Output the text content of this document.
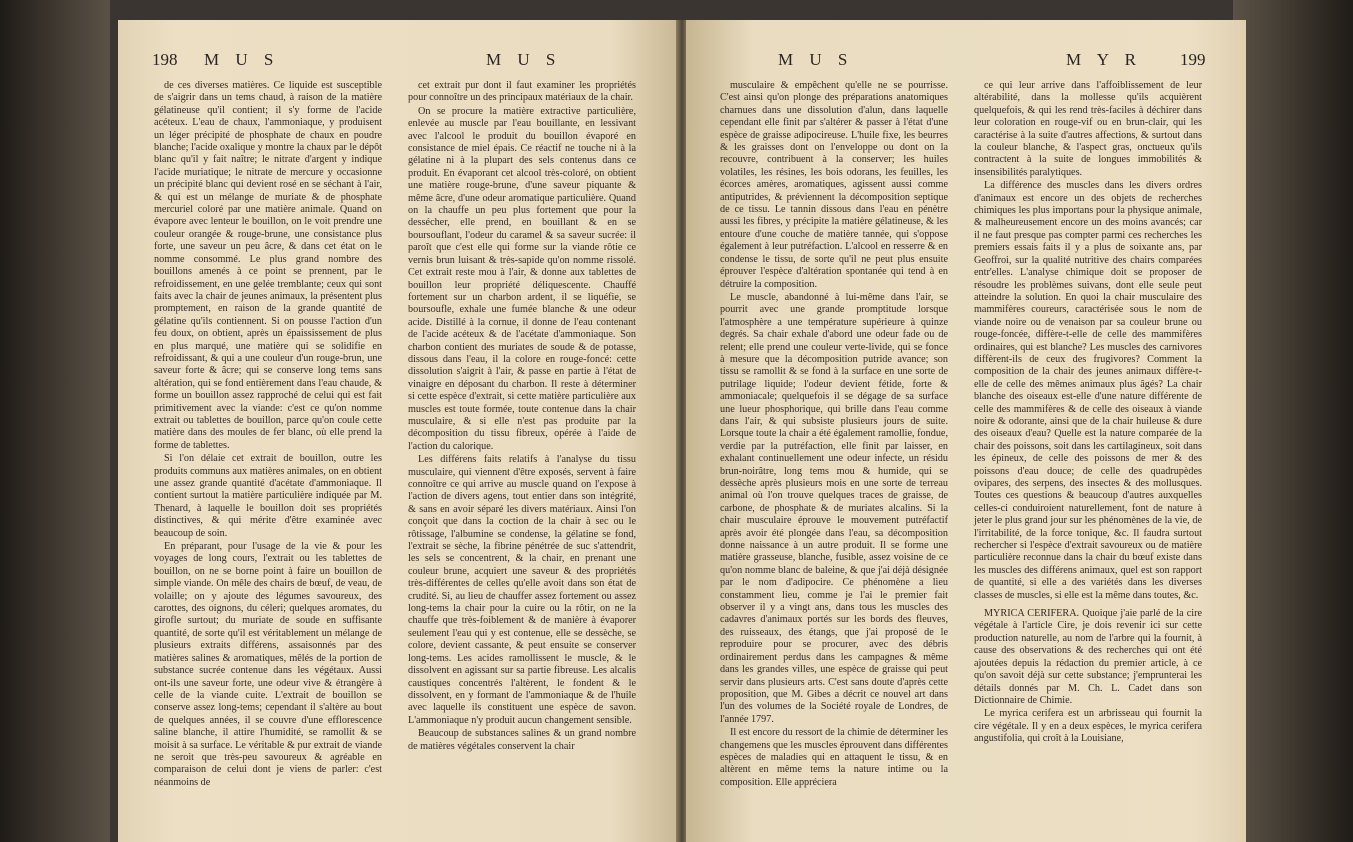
198 M U S	M U S

de ces diverses matières. Ce liquide est susceptible de s'aigrir dans un tems chaud, à raison de la matière gélatineuse qu'il contient; il s'y forme de l'acide acéteux. L'eau de chaux, l'ammoniaque, y produisent un léger précipité de phosphate de chaux en poudre blanche; l'acide oxalique y montre la chaux par le dépôt blanc qu'il y fait naître; le nitrate d'argent y indique l'acide muriatique; le nitrate de mercure y occasionne un précipité blanc qui devient rosé en se séchant à l'air, & qui est un mélange de muriate & de phosphate mercuriel coloré par une matière animale. Quand on évapore avec lenteur le bouillon, on le voit prendre une couleur orangée & rouge-brune, une consistance plus forte, une saveur un peu âcre, & dans cet état on le nomme consommé. Le plus grand nombre des bouillons amenés à ce point se prennent, par le refroidissement, en une gelée tremblante; ceux qui sont faits avec la chair de jeunes animaux, la présentent plus promptement, en raison de la grande quantité de gélatine qu'ils contiennent. Si on pousse l'action d'un feu doux, on obtient, après un épaississement de plus en plus marqué, une matière qui se solidifie en refroidissant, & qui a une couleur d'un rouge-brun, une saveur forte & âcre; qui se conserve long tems sans altération, qui se fond entièrement dans l'eau chaude, & forme un bouillon assez rapproché de celui qui est fait primitivement avec la viande: c'est ce qu'on nomme extrait ou tablettes de bouillon, parce qu'on coule cette matière dans des moules de fer blanc, où elle prend la forme de tablettes.

Si l'on délaie cet extrait de bouillon, outre les produits communs aux matières animales, on en obtient une assez grande quantité d'acétate d'ammoniaque. Il contient surtout la matière particulière indiquée par M. Thenard, à laquelle le bouillon doit ses propriétés distinctives, & qui mérite d'être examinée avec beaucoup de soin.

En préparant, pour l'usage de la vie & pour les voyages de long cours, l'extrait ou les tablettes de bouillon, on ne se borne point à faire un bouillon de simple viande. On mêle des chairs de bœuf, de veau, de volaille; on y ajoute des légumes savoureux, des carottes, des oignons, du céleri; quelques aromates, du girofle surtout; du muriate de soude en suffisante quantité, de sorte qu'il est véritablement un mélange de plusieurs extraits différens, assaisonnés par des matières salines & aromatiques, mêlés de la portion de substance sucrée contenue dans les végétaux. Aussi ont-ils une saveur forte, une odeur vive & étrangère à celle de la viande cuite. L'extrait de bouillon se conserve assez long-tems; cependant il s'altère au bout de quelques années, il se couvre d'une efflorescence saline blanche, il attire l'humidité, se ramollit & se moisit à sa surface. Le véritable & pur extrait de viande ne seroit que très-peu savoureux & agréable en comparaison de celui dont je viens de parler: c'est néanmoins de

cet extrait pur dont il faut examiner les propriétés pour connoître un des principaux matériaux de la chair.

On se procure la matière extractive particulière, enlevée au muscle par l'eau bouillante, en lessivant avec l'alcool le produit du bouillon évaporé en consistance de miel épais. Ce réactif ne touche ni à la gélatine ni à la plupart des sels contenus dans ce produit. En évaporant cet alcool très-coloré, on obtient une matière rouge-brune, d'une saveur piquante & même âcre, d'une odeur aromatique particulière. Quand on la chauffe un peu plus fortement que pour la dessécher, elle prend, en bouillant & en se boursouflant, l'odeur du caramel & sa saveur sucrée: il paroît que c'est elle qui forme sur la viande rôtie ce vernis brun luisant & très-sapide qu'on nomme rissolé. Cet extrait reste mou à l'air, & donne aux tablettes de bouillon leur propriété déliquescente. Chauffé fortement sur un charbon ardent, il se liquéfie, se boursoufle, exhale une fumée blanche & une odeur acide. Distillé à la cornue, il donne de l'eau contenant de l'acide acéteux & de l'acétate d'ammoniaque. Son charbon contient des muriates de soude & de potasse, dissous dans l'eau, il la colore en rouge-foncé: cette dissolution s'aigrit à l'air, & passe en partie à l'état de vinaigre en déposant du charbon. Il reste à déterminer si cette espèce d'extrait, si cette matière particulière aux muscles est toute formée, toute contenue dans la chair musculaire, & si elle n'est pas produite par la décomposition du tissu fibreux, opérée à l'aide de l'action du calorique.

Les différens faits relatifs à l'analyse du tissu musculaire, qui viennent d'être exposés, servent à faire connoître ce qui arrive au muscle quand on l'expose à l'action de divers agens, tout entier dans son intégrité, & sans en avoir séparé les divers matériaux. Ainsi l'on conçoit que dans la coction de la chair à sec ou le rôtissage, l'albumine se condense, la gélatine se fond, l'extrait se sèche, la fibrine pénétrée de suc s'attendrit, les sels se concentrent, & la chair, en prenant une couleur brune, acquiert une saveur & des propriétés très-différentes de celles qu'elle avoit dans son état de crudité. Si, au lieu de chauffer assez fortement ou assez long-tems la chair pour la cuire ou la rôtir, on ne la chauffe que très-foiblement & de manière à évaporer seulement l'eau qui y est contenue, elle se dessèche, se colore, devient cassante, & peut ensuite se conserver long-tems. Les acides ramollissent le muscle, & le dissolvent en agissant sur sa partie fibreuse. Les alcalis caustiques concentrés l'altèrent, le fondent & le dissolvent, en y formant de l'ammoniaque & de l'huile avec laquelle ils constituent une espèce de savon. L'ammoniaque n'y produit aucun changement sensible.

Beaucoup de substances salines & un grand nombre de matières végétales conservent la chair

M U S	M Y R 199

musculaire & empêchent qu'elle ne se pourrisse. C'est ainsi qu'on plonge des préparations anatomiques charnues dans une dissolution d'alun, dans laquelle cependant elle finit par s'altérer & passer à l'état d'une espèce de graisse adipocireuse. L'huile fixe, les beurres & les graisses dont on l'enveloppe ou dont on la recouvre, contribuent à la conserver; les huiles volatiles, les résines, les bois odorans, les feuilles, les écorces amères, aromatiques, agissent aussi comme antiputrides, & préviennent la décomposition septique de ce tissu. Le tannin dissous dans l'eau en pénètre aussi les fibres, y précipite la matière gélatineuse, & les entoure d'une couche de matière tannée, qui s'oppose également à leur putréfaction. L'alcool en resserre & en condense le tissu, de sorte qu'il ne peut plus ensuite éprouver l'espèce d'altération spontanée qui tend à en détruire la composition.

Le muscle, abandonné à lui-même dans l'air, se pourrit avec une grande promptitude lorsque l'atmosphère a une température supérieure à quinze degrés. Sa chair exhale d'abord une odeur fade ou de relent; elle prend une couleur verte-livide, qui se fonce à mesure que la décomposition putride avance; son tissu se ramollit & se fond à la surface en une sorte de putrilage liquide; l'odeur devient fétide, forte & ammoniacale; quelquefois il se dégage de sa surface une lueur phosphorique, qui brille dans l'eau comme dans l'air, & qui subsiste plusieurs jours de suite. Lorsque toute la chair a été également ramollie, fondue, verdie par la putréfaction, elle finit par laisser, en exhalant continuellement une odeur infecte, un résidu brun-noirâtre, long tems mou & humide, qui se dessèche après plusieurs mois en une sorte de terreau animal où l'on trouve quelques traces de graisse, de carbone, de phosphate & de muriates alcalins. Si la chair musculaire éprouve le mouvement putréfactif après avoir été plongée dans l'eau, sa décomposition donne naissance à un autre produit. Il se forme une matière grasseuse, blanche, fusible, assez voisine de ce qu'on nomme blanc de baleine, & que j'ai déjà désignée par le nom d'adipocire. Ce phénomène a lieu constamment lieu, comme je l'ai le premier fait observer il y a vingt ans, dans tous les muscles des cadavres d'animaux portés sur les bords des fleuves, des ruisseaux, des étangs, que j'ai proposé de le reproduire pour se procurer, avec des débris ordinairement perdus dans les campagnes & même dans les grandes villes, une espèce de graisse qui peut servir dans plusieurs arts. C'est sans doute d'après cette proposition, que M. Gibes a décrit ce nouvel art dans l'un des volumes de la Société royale de Londres, de l'année 1797.

Il est encore du ressort de la chimie de déterminer les changemens que les muscles éprouvent dans différentes espèces de maladies qui en attaquent le tissu, & en altèrent en même tems la nature intime ou la composition. Elle appréciera

ce qui leur arrive dans l'affoiblissement de leur altérabilité, dans la mollesse qu'ils acquièrent quelquefois, & qui les rend très-faciles à déchirer dans leur coloration en rouge-vif ou en brun-clair, qui les caractérise à la suite d'autres affections, & surtout dans la couleur blanche, & l'aspect gras, onctueux qu'ils contractent à la suite de longues immobilités & insensibilités paralytiques.

La différence des muscles dans les divers ordres d'animaux est encore un des objets de recherches chimiques les plus importans pour la physique animale, & malheureusement encore un des moins avancés; car il ne faut presque pas compter parmi ces recherches les premiers essais faits il y a plus de soixante ans, par Geoffroi, sur la qualité nutritive des chairs comparées entr'elles. L'analyse chimique doit se proposer de résoudre les problèmes suivans, dont elle seule peut atteindre la solution. En quoi la chair musculaire des mammifères coureurs, caractérisée sous le nom de viande noire ou de venaison par sa couleur brune ou rouge-foncée, diffère-t-elle de celle des mammifères ordinaires, qui est blanche? Les muscles des carnivores diffèrent-ils de ceux des frugivores? Comment la composition de la chair des jeunes animaux diffère-t-elle de celle des mêmes animaux plus âgés? La chair blanche des oiseaux est-elle d'une nature différente de celle des mammifères & de celle des oiseaux à viande noire & odorante, ainsi que de la chair huileuse & dure des oiseaux d'eau? Quelle est la nature comparée de la chair des poissons, soit dans les cartilagineux, soit dans les épineux, de celle des poissons de mer & des poissons d'eau douce; de celle des quadrupèdes ovipares, des serpens, des insectes & des mollusques. Toutes ces questions & beaucoup d'autres auxquelles celles-ci conduiroient naturellement, font de nature à jeter le plus grand jour sur les phénomènes de la vie, de l'irritabilité, de la force tonique, &c. Il faudra surtout rechercher si l'espèce d'extrait savoureux ou de matière particulière reconnue dans la chair du bœuf existe dans les muscles des différens animaux, quel est son rapport de quantité, si elle a des variétés dans les diverses classes de muscles, si elle est la même dans toutes, &c.

MYRICA CERIFERA. Quoique j'aie parlé de la cire végétale à l'article Cire, je dois revenir ici sur cette production naturelle, au nom de l'arbre qui la fournit, à cause des observations & des recherches qui ont été ajoutées depuis la rédaction du premier article, à ce qu'on savoit déjà sur cette substance; j'emprunterai les détails donnés par M. Ch. L. Cadet dans son Dictionnaire de Chimie.

Le myrica cerifera est un arbrisseau qui fournit la cire végétale. Il y en a deux espèces, le myrica cerifera angustifolia, qui croît à la Louisiane,
